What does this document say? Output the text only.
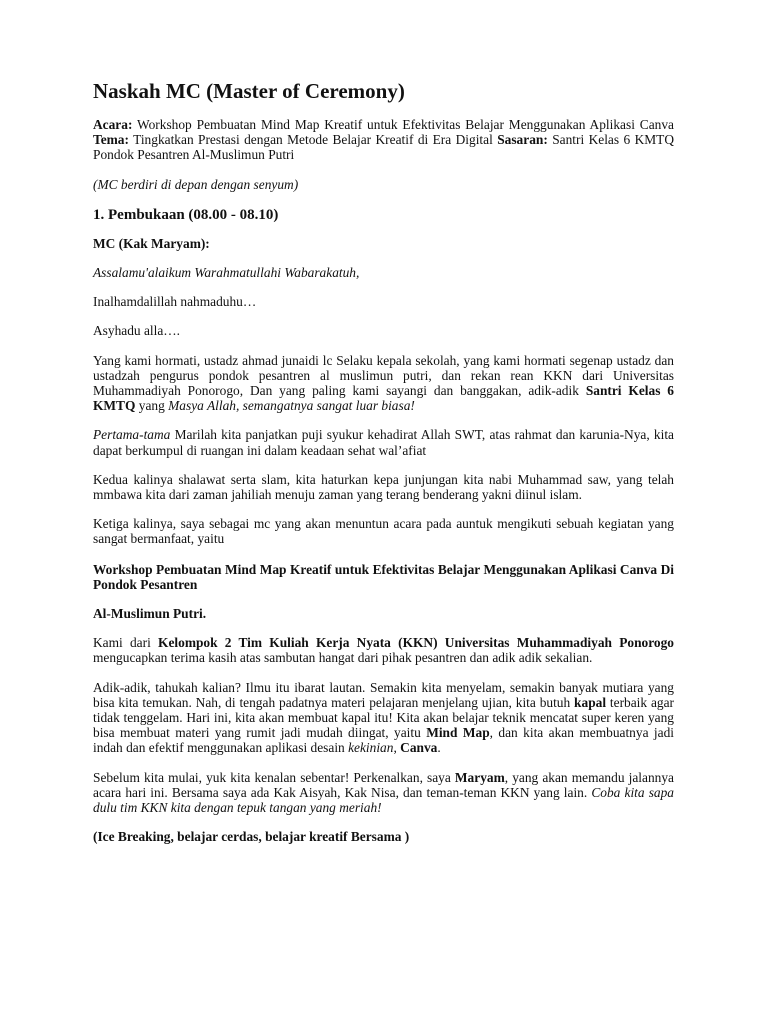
Naskah MC (Master of Ceremony)

Acara: Workshop Pembuatan Mind Map Kreatif untuk Efektivitas Belajar Menggunakan Aplikasi Canva Tema: Tingkatkan Prestasi dengan Metode Belajar Kreatif di Era Digital Sasaran: Santri Kelas 6 KMTQ Pondok Pesantren Al-Muslimun Putri

(MC berdiri di depan dengan senyum)

1. Pembukaan (08.00 - 08.10)

MC (Kak Maryam):

Assalamu'alaikum Warahmatullahi Wabarakatuh,

Inalhamdalillah nahmaduhu…

Asyhadu alla….

Yang kami hormati, ustadz ahmad junaidi lc Selaku kepala sekolah, yang kami hormati segenap ustadz dan ustadzah pengurus pondok pesantren al muslimun putri, dan rekan rean KKN dari Universitas Muhammadiyah Ponorogo, Dan yang paling kami sayangi dan banggakan, adik-adik Santri Kelas 6 KMTQ yang Masya Allah, semangatnya sangat luar biasa!

Pertama-tama Marilah kita panjatkan puji syukur kehadirat Allah SWT, atas rahmat dan karunia-Nya, kita dapat berkumpul di ruangan ini dalam keadaan sehat wal’afiat

Kedua kalinya shalawat serta slam, kita haturkan kepa junjungan kita nabi Muhammad saw, yang telah mmbawa kita dari zaman jahiliah menuju zaman yang terang benderang yakni diinul islam.

Ketiga kalinya, saya sebagai mc yang akan menuntun acara pada auntuk mengikuti sebuah kegiatan yang sangat bermanfaat, yaitu

Workshop Pembuatan Mind Map Kreatif untuk Efektivitas Belajar Menggunakan Aplikasi Canva Di Pondok Pesantren

Al-Muslimun Putri.

Kami dari Kelompok 2 Tim Kuliah Kerja Nyata (KKN) Universitas Muhammadiyah Ponorogo mengucapkan terima kasih atas sambutan hangat dari pihak pesantren dan adik adik sekalian.

Adik-adik, tahukah kalian? Ilmu itu ibarat lautan. Semakin kita menyelam, semakin banyak mutiara yang bisa kita temukan. Nah, di tengah padatnya materi pelajaran menjelang ujian, kita butuh kapal terbaik agar tidak tenggelam. Hari ini, kita akan membuat kapal itu! Kita akan belajar teknik mencatat super keren yang bisa membuat materi yang rumit jadi mudah diingat, yaitu Mind Map, dan kita akan membuatnya jadi indah dan efektif menggunakan aplikasi desain kekinian, Canva.

Sebelum kita mulai, yuk kita kenalan sebentar! Perkenalkan, saya Maryam, yang akan memandu jalannya acara hari ini. Bersama saya ada Kak Aisyah, Kak Nisa, dan teman-teman KKN yang lain. Coba kita sapa dulu tim KKN kita dengan tepuk tangan yang meriah!

(Ice Breaking, belajar cerdas, belajar kreatif Bersama )
